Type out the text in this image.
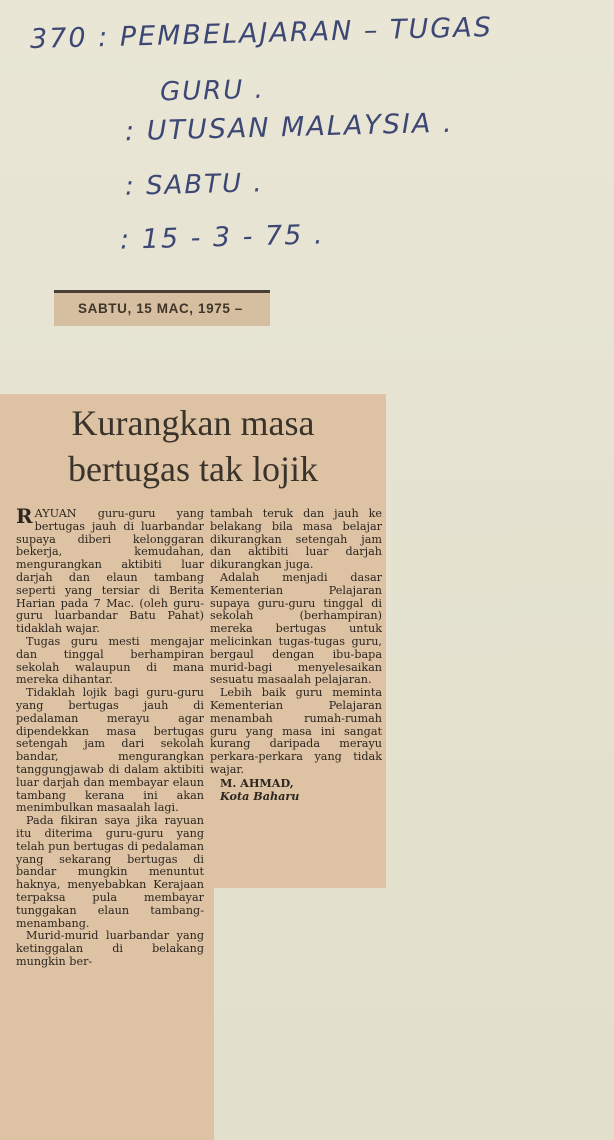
370 : PEMBELAJARAN – TUGAS
GURU .
: UTUSAN MALAYSIA .
: SABTU .
: 15 - 3 - 75 .
SABTU, 15 MAC, 1975 –
Kurangkan masa
bertugas tak lojik

RAYUAN guru-guru yang bertugas jauh di luarbandar supaya diberi kelonggaran bekerja, kemudahan, mengurangkan aktibiti luar darjah dan elaun tambang seperti yang tersiar di Berita Harian pada 7 Mac. (oleh guru-guru luarbandar Batu Pahat) tidaklah wajar.

Tugas guru mesti mengajar dan tinggal berhampiran sekolah walaupun di mana mereka dihantar.

Tidaklah lojik bagi guru-guru yang bertugas jauh di pedalaman merayu agar dipendekkan masa bertugas setengah jam dari sekolah bandar, mengurangkan tanggungjawab di dalam aktibiti luar darjah dan membayar elaun tambang kerana ini akan menimbulkan masaalah lagi.

Pada fikiran saya jika rayuan itu diterima guru-guru yang telah pun bertugas di pedalaman yang sekarang bertugas di bandar mungkin menuntut haknya, menyebabkan Kerajaan terpaksa pula membayar tunggakan elaun tambang-menambang.

Murid-murid luarbandar yang ketinggalan di belakang mungkin ber-

tambah teruk dan jauh ke belakang bila masa belajar dikurangkan setengah jam dan aktibiti luar darjah dikurangkan juga.

Adalah menjadi dasar Kementerian Pelajaran supaya guru-guru tinggal di sekolah (berhampiran) mereka bertugas untuk melicinkan tugas-tugas guru, bergaul dengan ibu-bapa murid-bagi menyelesaikan sesuatu masaalah pelajaran.

Lebih baik guru meminta Kementerian Pelajaran menambah rumah-rumah guru yang masa ini sangat kurang daripada merayu perkara-perkara yang tidak wajar.

M. AHMAD,

Kota Baharu
